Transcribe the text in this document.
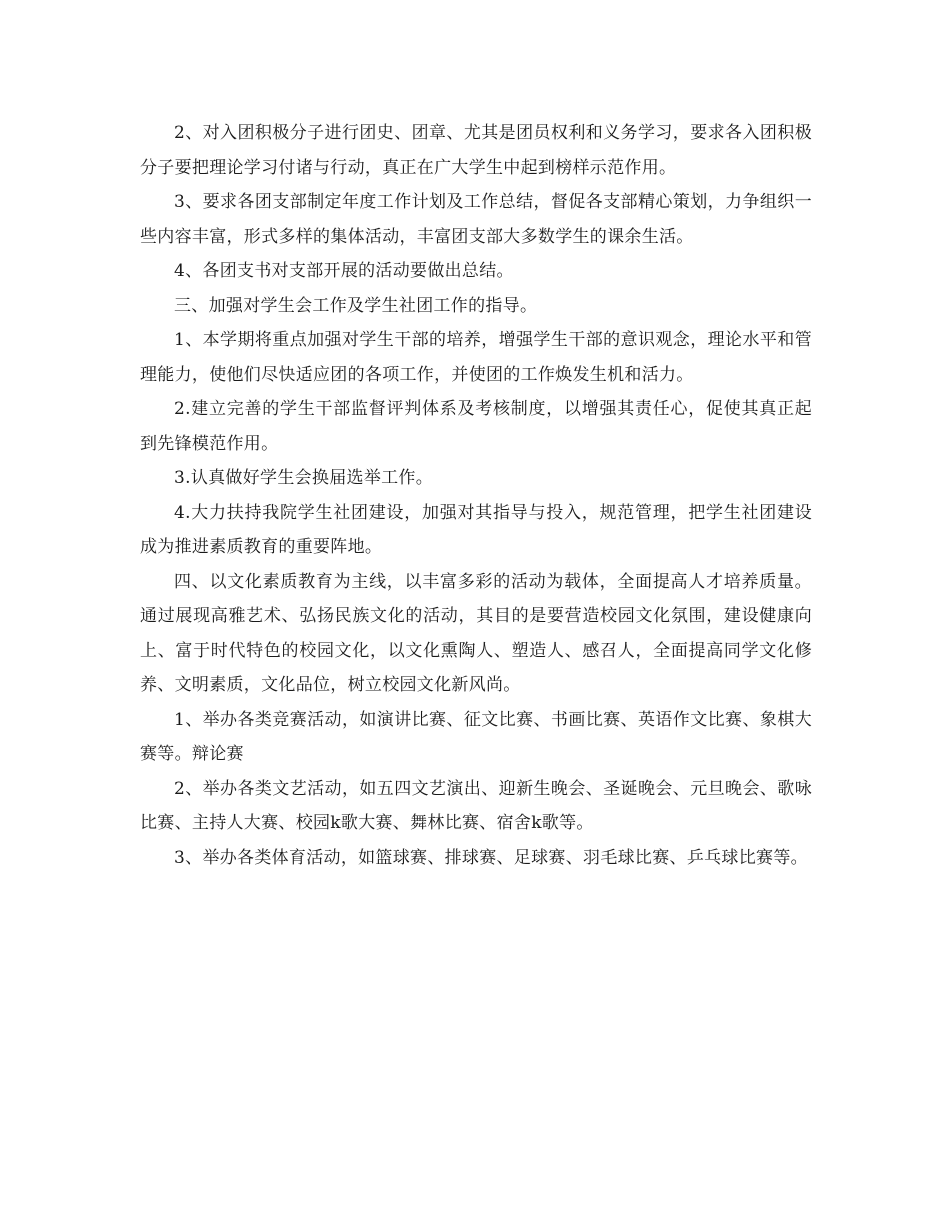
2、对入团积极分子进行团史、团章、尤其是团员权利和义务学习，要求各入团积极分子要把理论学习付诸与行动，真正在广大学生中起到榜样示范作用。

3、要求各团支部制定年度工作计划及工作总结，督促各支部精心策划，力争组织一些内容丰富，形式多样的集体活动，丰富团支部大多数学生的课余生活。

4、各团支书对支部开展的活动要做出总结。

三、加强对学生会工作及学生社团工作的指导。

1、本学期将重点加强对学生干部的培养，增强学生干部的意识观念，理论水平和管理能力，使他们尽快适应团的各项工作，并使团的工作焕发生机和活力。

2.建立完善的学生干部监督评判体系及考核制度，以增强其责任心，促使其真正起到先锋模范作用。

3.认真做好学生会换届选举工作。

4.大力扶持我院学生社团建设，加强对其指导与投入，规范管理，把学生社团建设成为推进素质教育的重要阵地。

四、以文化素质教育为主线，以丰富多彩的活动为载体，全面提高人才培养质量。通过展现高雅艺术、弘扬民族文化的活动，其目的是要营造校园文化氛围，建设健康向上、富于时代特色的校园文化，以文化熏陶人、塑造人、感召人，全面提高同学文化修养、文明素质，文化品位，树立校园文化新风尚。

1、举办各类竞赛活动，如演讲比赛、征文比赛、书画比赛、英语作文比赛、象棋大赛等。辩论赛

2、举办各类文艺活动，如五四文艺演出、迎新生晚会、圣诞晚会、元旦晚会、歌咏比赛、主持人大赛、校园k歌大赛、舞林比赛、宿舍k歌等。

3、举办各类体育活动，如篮球赛、排球赛、足球赛、羽毛球比赛、乒乓球比赛等。
